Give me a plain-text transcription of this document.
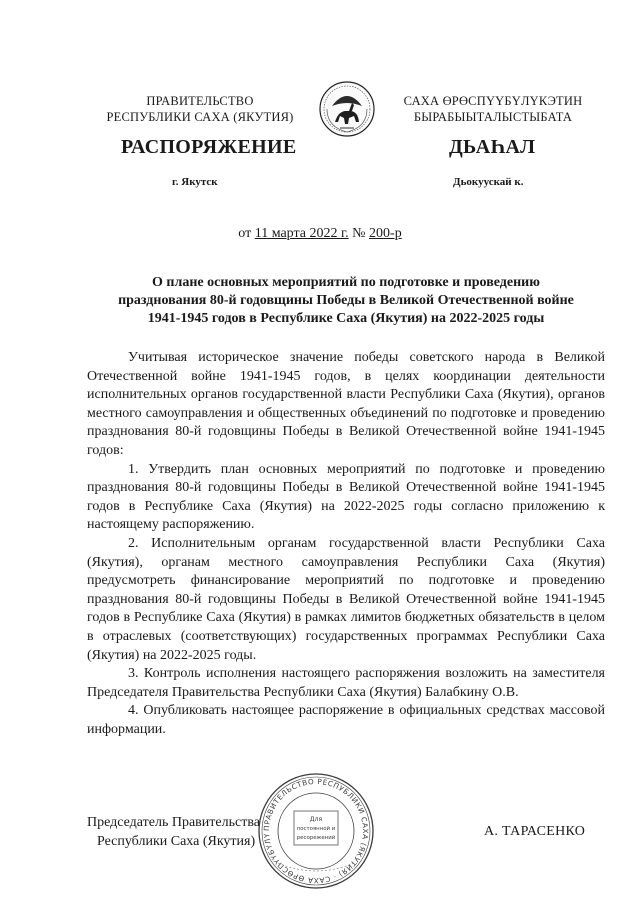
ПРАВИТЕЛЬСТВО
РЕСПУБЛИКИ САХА (ЯКУТИЯ)
САХА ӨРӨСПҮҮБҮЛҮКЭТИН
БЫРАБЫЫТАЛЫСТЫБАТА
РАСПОРЯЖЕНИЕ	ДЬАҺАЛ
г. Якутск	Дьокуускай к.
от 11 марта 2022 г. № 200-р
О плане основных мероприятий по подготовке и проведению
празднования 80-й годовщины Победы в Великой Отечественной войне
1941-1945 годов в Республике Саха (Якутия) на 2022-2025 годы

Учитывая историческое значение победы советского народа в Великой Отечественной войне 1941-1945 годов, в целях координации деятельности исполнительных органов государственной власти Республики Саха (Якутия), органов местного самоуправления и общественных объединений по подготовке и проведению празднования 80-й годовщины Победы в Великой Отечественной войне 1941-1945 годов:

1. Утвердить план основных мероприятий по подготовке и проведению празднования 80-й годовщины Победы в Великой Отечественной войне 1941-1945 годов в Республике Саха (Якутия) на 2022-2025 годы согласно приложению к настоящему распоряжению.

2. Исполнительным органам государственной власти Республики Саха (Якутия), органам местного самоуправления Республики Саха (Якутия) предусмотреть финансирование мероприятий по подготовке и проведению празднования 80-й годовщины Победы в Великой Отечественной войне 1941-1945 годов в Республике Саха (Якутия) в рамках лимитов бюджетных обязательств в целом в отраслевых (соответствующих) государственных программах Республики Саха (Якутия) на 2022-2025 годы.

3. Контроль исполнения настоящего распоряжения возложить на заместителя Председателя Правительства Республики Саха (Якутия) Балабкину О.В.

4. Опубликовать настоящее распоряжение в официальных средствах массовой информации.

Председатель Правительства
Республики Саха (Якутия)
А. ТАРАСЕНКО
ПРАВИТЕЛЬСТВО РЕСПУБЛИКИ САХА (ЯКУТИЯ) · САХА ӨРӨСПҮҮБҮЛҮ
Для
постоянной и
ресорежений
